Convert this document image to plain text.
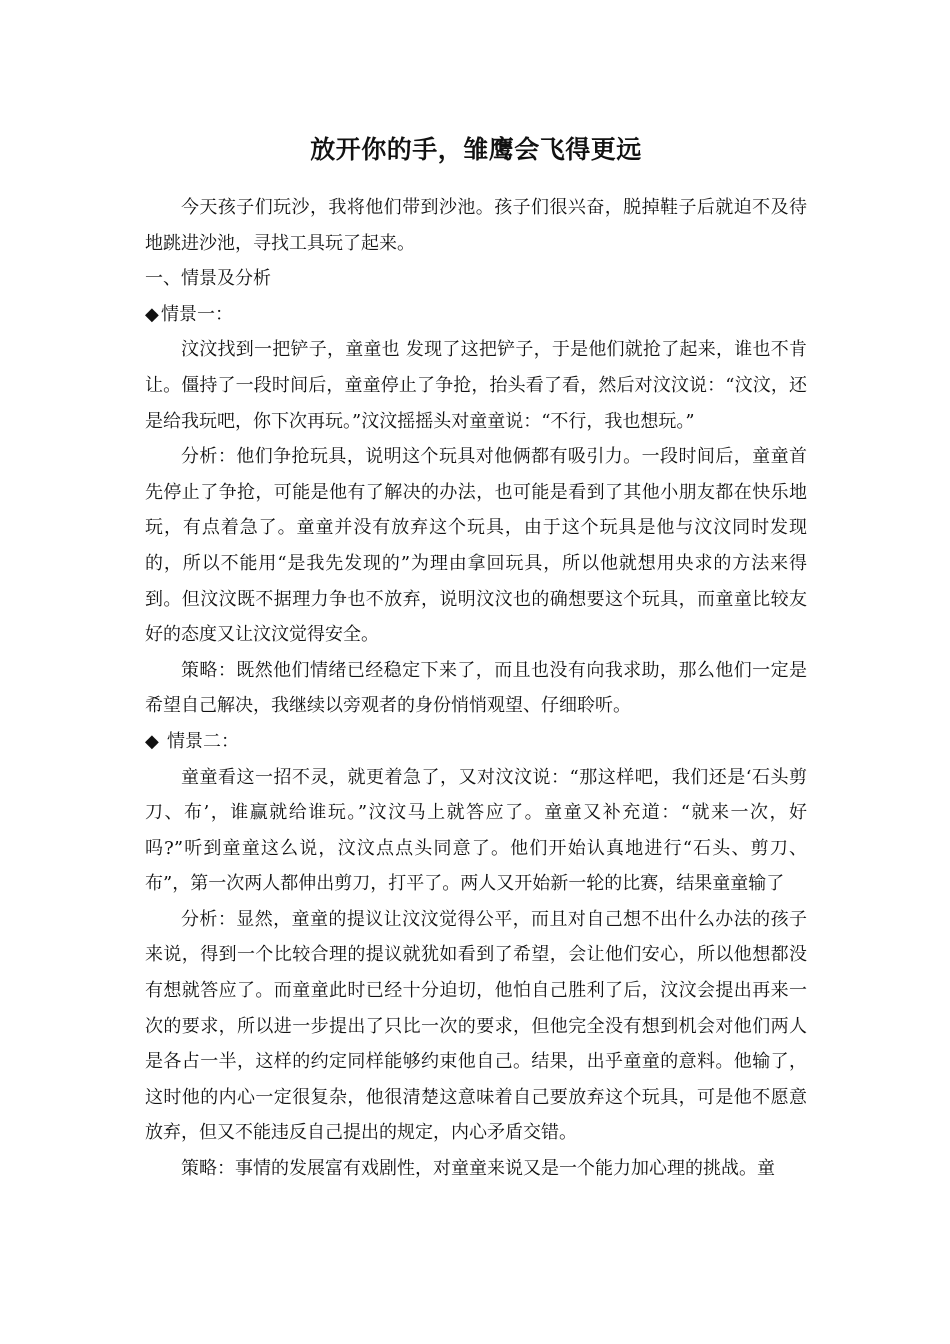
放开你的手，雏鹰会飞得更远

今天孩子们玩沙，我将他们带到沙池。孩子们很兴奋，脱掉鞋子后就迫不及待地跳进沙池，寻找工具玩了起来。

一、情景及分析

◆ 情景一：

汶汶找到一把铲子，童童也 发现了这把铲子，于是他们就抢了起来，谁也不肯让。僵持了一段时间后，童童停止了争抢，抬头看了看，然后对汶汶说：“汶汶，还是给我玩吧，你下次再玩。”汶汶摇摇头对童童说：“不行，我也想玩。”

分析：他们争抢玩具，说明这个玩具对他俩都有吸引力。一段时间后，童童首先停止了争抢，可能是他有了解决的办法，也可能是看到了其他小朋友都在快乐地玩，有点着急了。童童并没有放弃这个玩具，由于这个玩具是他与汶汶同时发现的，所以不能用“是我先发现的”为理由拿回玩具，所以他就想用央求的方法来得到。但汶汶既不据理力争也不放弃，说明汶汶也的确想要这个玩具，而童童比较友好的态度又让汶汶觉得安全。

策略：既然他们情绪已经稳定下来了，而且也没有向我求助，那么他们一定是希望自己解决，我继续以旁观者的身份悄悄观望、仔细聆听。

◆ 情景二：

童童看这一招不灵，就更着急了，又对汶汶说：“那这样吧，我们还是‘石头剪刀、布’，谁赢就给谁玩。”汶汶马上就答应了。童童又补充道：“就来一次，好吗?”听到童童这么说，汶汶点点头同意了。他们开始认真地进行“石头、剪刀、布”，第一次两人都伸出剪刀，打平了。两人又开始新一轮的比赛，结果童童输了

分析：显然，童童的提议让汶汶觉得公平，而且对自己想不出什么办法的孩子来说，得到一个比较合理的提议就犹如看到了希望，会让他们安心，所以他想都没有想就答应了。而童童此时已经十分迫切，他怕自己胜利了后，汶汶会提出再来一次的要求，所以进一步提出了只比一次的要求，但他完全没有想到机会对他们两人是各占一半，这样的约定同样能够约束他自己。结果，出乎童童的意料。他输了，这时他的内心一定很复杂，他很清楚这意味着自己要放弃这个玩具，可是他不愿意放弃，但又不能违反自己提出的规定，内心矛盾交错。

策略：事情的发展富有戏剧性，对童童来说又是一个能力加心理的挑战。童
